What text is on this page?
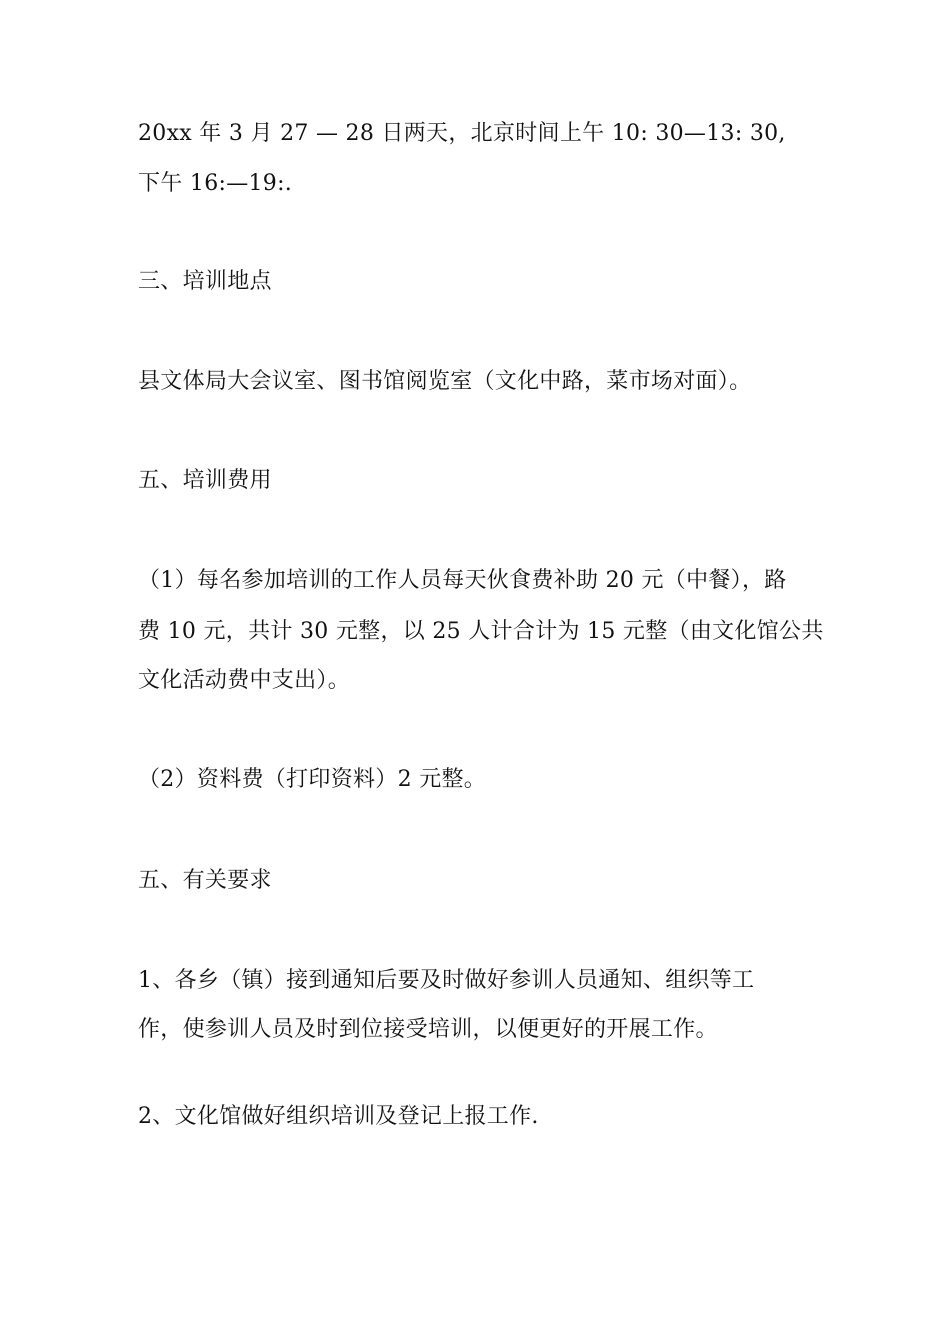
20xx 年 3 月 27 — 28 日两天，北京时间上午 10: 30—13: 30,
下午 16:—19:.
三、培训地点
县文体局大会议室、图书馆阅览室（文化中路，菜市场对面）。
五、培训费用
（1）每名参加培训的工作人员每天伙食费补助 20 元（中餐），路
费 10 元，共计 30 元整，以 25 人计合计为 15 元整（由文化馆公共
文化活动费中支出）。
（2）资料费（打印资料）2 元整。
五、有关要求
1、各乡（镇）接到通知后要及时做好参训人员通知、组织等工
作，使参训人员及时到位接受培训，以便更好的开展工作。
2、文化馆做好组织培训及登记上报工作.
